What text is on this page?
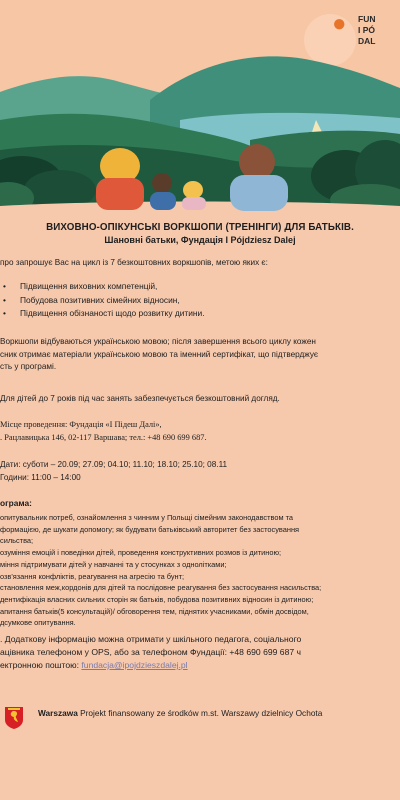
● FUN
I PÓ
DAL
ВИХОВНО-ОПІКУНСЬКІ ВОРКШОПИ (ТРЕНІНГИ) ДЛЯ БАТЬКІВ.
Шановні батьки, Фундація I Pójdziesz Dalej
про запрошує Вас на цикл із 7 безкоштовних воркшопів, метою яких є:
• Підвищення виховних компетенцій,
• Побудова позитивних сімейних відносин,
• Підвищення обізнаності щодо розвитку дитини.
Воркшопи відбуваються українською мовою; після завершення всього циклу кожен
сник отримає матеріали українською мовою та іменний сертифікат, що підтверджує
сть у програмі.
Для дітей до 7 років під час занять забезпечується безкоштовний догляд.
Місце проведення: Фундація «І Підеш Далі»,
. Рацлавицька 146, 02-117 Варшава; тел.: +48 690 699 687.
Дати: суботи – 20.09; 27.09; 04.10; 11.10; 18.10; 25.10; 08.11
Години: 11:00 – 14:00
ограма:
опитувальник потреб, ознайомлення з чинним у Польщі сімейним законодавством та
формацією, де шукати допомогу; як будувати батьківський авторитет без застосування
сильства;
озуміння емоцій і поведінки дітей, проведення конструктивних розмов із дитиною;
міння підтримувати дітей у навчанні та у стосунках з однолітками;
озв'язання конфліктів, реагування на агресію та бунт;
становлення меж,кордонів для дітей та послідовне реагування без застосування насильства;
дентифікація власних сильних сторін як батьків, побудова позитивних відносин із дитиною;
апитання батьків(5 консультацій)/ обговорення тем, піднятих учасниками, обмін досвідом,
дсумкове опитування.
. Додаткову інформацію можна отримати у шкільного педагога, соціального
ацівника телефоном у OPS, або за телефоном Фундації: +48 690 699 687 ч
ектронною поштою: fundacja@ipojdzieszdalej.pl
Warszawa Projekt finansowany ze środków m.st. Warszawy dzielnicy Ochota
